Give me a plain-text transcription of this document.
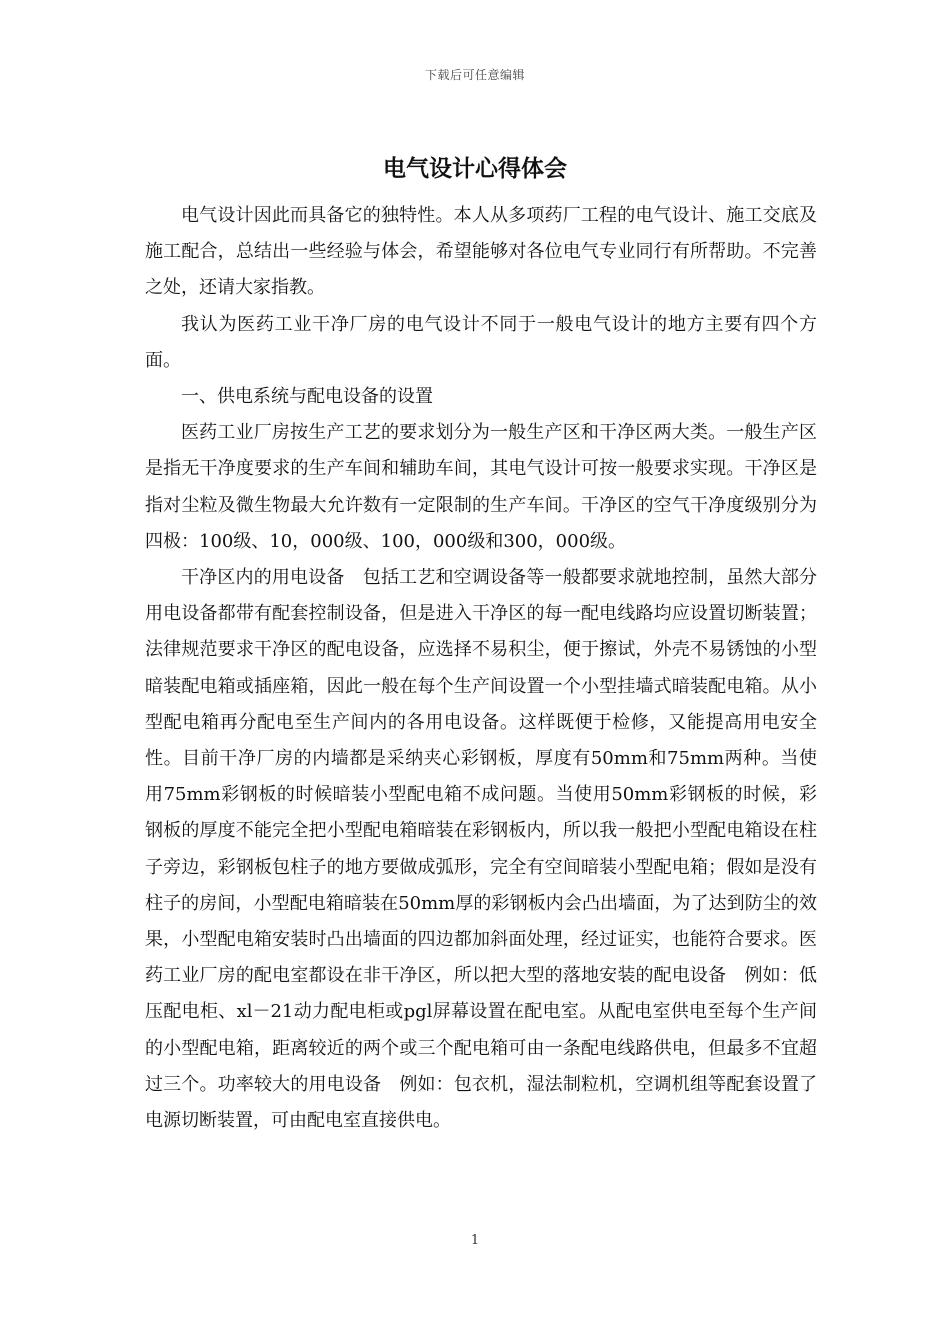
下载后可任意编辑
电气设计心得体会

电气设计因此而具备它的独特性。本人从多项药厂工程的电气设计、施工交底及施工配合，总结出一些经验与体会，希望能够对各位电气专业同行有所帮助。不完善之处，还请大家指教。

我认为医药工业干净厂房的电气设计不同于一般电气设计的地方主要有四个方面。

一、供电系统与配电设备的设置

医药工业厂房按生产工艺的要求划分为一般生产区和干净区两大类。一般生产区是指无干净度要求的生产车间和辅助车间，其电气设计可按一般要求实现。干净区是指对尘粒及微生物最大允许数有一定限制的生产车间。干净区的空气干净度级别分为四极：100级、10，000级、100，000级和300，000级。

干净区内的用电设备　包括工艺和空调设备等一般都要求就地控制，虽然大部分用电设备都带有配套控制设备，但是进入干净区的每一配电线路均应设置切断装置；法律规范要求干净区的配电设备，应选择不易积尘，便于擦试，外壳不易锈蚀的小型暗装配电箱或插座箱，因此一般在每个生产间设置一个小型挂墙式暗装配电箱。从小型配电箱再分配电至生产间内的各用电设备。这样既便于检修，又能提高用电安全性。目前干净厂房的内墙都是采纳夹心彩钢板，厚度有50mm和75mm两种。当使用75mm彩钢板的时候暗装小型配电箱不成问题。当使用50mm彩钢板的时候，彩钢板的厚度不能完全把小型配电箱暗装在彩钢板内，所以我一般把小型配电箱设在柱子旁边，彩钢板包柱子的地方要做成弧形，完全有空间暗装小型配电箱；假如是没有柱子的房间，小型配电箱暗装在50mm厚的彩钢板内会凸出墙面，为了达到防尘的效果，小型配电箱安装时凸出墙面的四边都加斜面处理，经过证实，也能符合要求。医药工业厂房的配电室都设在非干净区，所以把大型的落地安装的配电设备　例如：低压配电柜、xl－21动力配电柜或pgl屏幕设置在配电室。从配电室供电至每个生产间的小型配电箱，距离较近的两个或三个配电箱可由一条配电线路供电，但最多不宜超过三个。功率较大的用电设备　例如：包衣机，湿法制粒机，空调机组等配套设置了电源切断装置，可由配电室直接供电。

1
